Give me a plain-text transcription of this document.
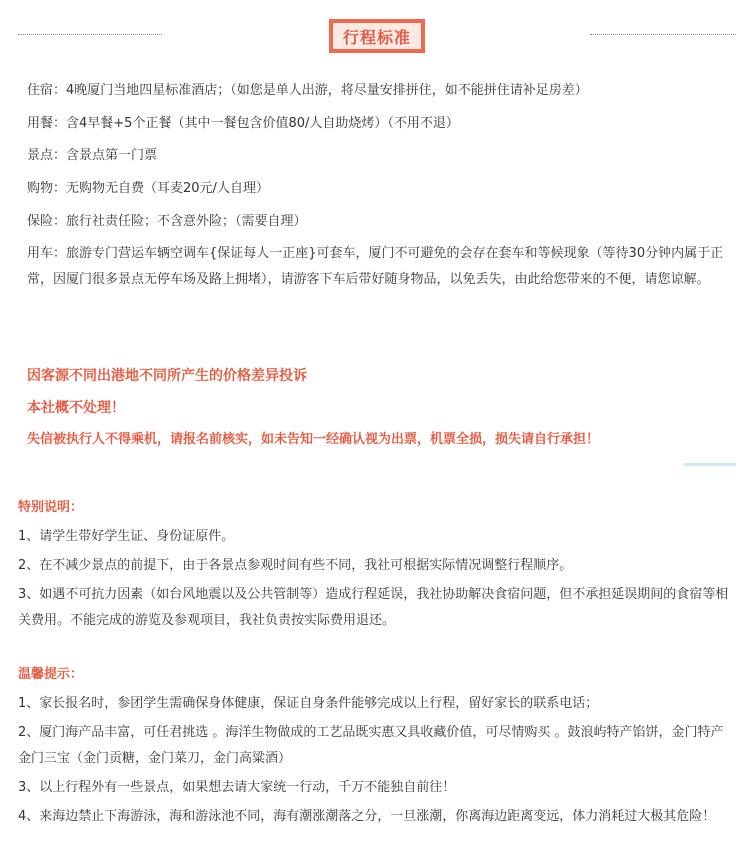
行程标准
住宿：4晚厦门当地四星标准酒店；（如您是单人出游，将尽量安排拼住，如不能拼住请补足房差）
用餐：含4早餐+5个正餐（其中一餐包含价值80/人自助烧烤）（不用不退）
景点：含景点第一门票
购物：无购物无自费（耳麦20元/人自理）
保险：旅行社责任险；不含意外险；（需要自理）
用车：旅游专门营运车辆空调车{保证每人一正座}可套车，厦门不可避免的会存在套车和等候现象（等待30分钟内属于正常，因厦门很多景点无停车场及路上拥堵），请游客下车后带好随身物品，以免丢失，由此给您带来的不便，请您谅解。
因客源不同出港地不同所产生的价格差异投诉
本社概不处理！
失信被执行人不得乘机，请报名前核实，如未告知一经确认视为出票，机票全损，损失请自行承担！
特别说明：
1、请学生带好学生证、身份证原件。
2、在不减少景点的前提下，由于各景点参观时间有些不同，我社可根据实际情况调整行程顺序。
3、如遇不可抗力因素（如台风地震以及公共管制等）造成行程延误，我社协助解决食宿问题，但不承担延误期间的食宿等相关费用。不能完成的游览及参观项目，我社负责按实际费用退还。
温馨提示：
1、家长报名时，参团学生需确保身体健康，保证自身条件能够完成以上行程，留好家长的联系电话；
2、厦门海产品丰富，可任君挑选 。海洋生物做成的工艺品既实惠又具收藏价值，可尽情购买 。鼓浪屿特产馅饼，金门特产金门三宝（金门贡糖，金门菜刀，金门高粱酒）
3、以上行程外有一些景点，如果想去请大家统一行动，千万不能独自前往！
4、来海边禁止下海游泳，海和游泳池不同，海有潮涨潮落之分，一旦涨潮，你离海边距离变远，体力消耗过大极其危险！
